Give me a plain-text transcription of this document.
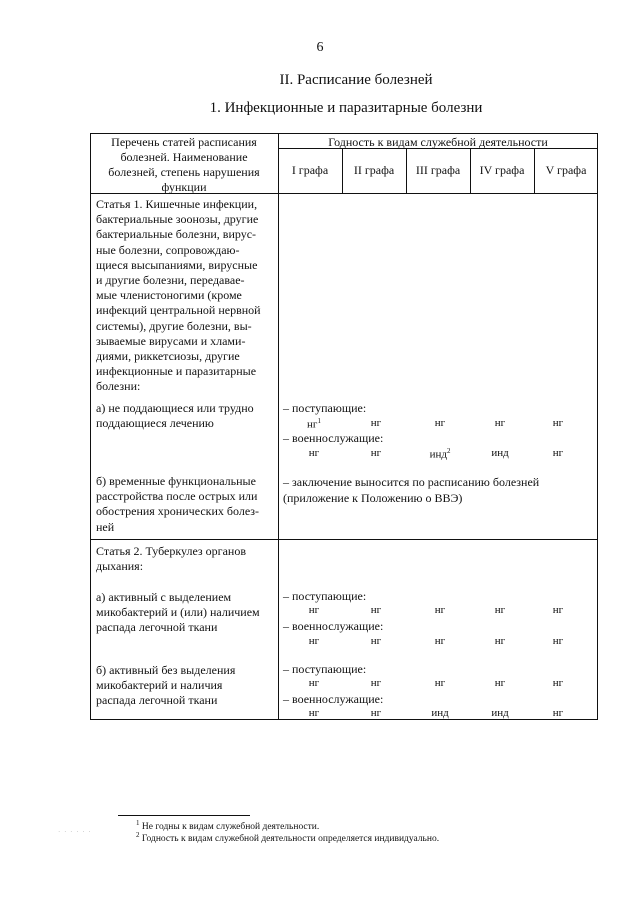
6
II. Расписание болезней
1. Инфекционные и паразитарные болезни
Перечень статей расписания
болезней. Наименование
болезней, степень нарушения
функции
Годность к видам служебной деятельности
I графа	II графа	III графа	IV графа	V графа
Статья 1. Кишечные инфекции,
бактериальные зоонозы, другие
бактериальные болезни, вирус-
ные болезни, сопровождаю-
щиеся высыпаниями, вирусные
и другие болезни, передавае-
мые членистоногими (кроме
инфекций центральной нервной
системы), другие болезни, вы-
зываемые вирусами и хлами-
диями, риккетсиозы, другие
инфекционные и паразитарные
болезни:
а) не поддающиеся или трудно
поддающиеся лечению
– поступающие:
$нг^1$	нг	нг	нг	нг
– военнослужащие:
нг	нг	инд$^2$	инд	нг
б) временные функциональные
расстройства после острых или
обострения хронических болез-
ней
– заключение выносится по расписанию болезней
(приложение к Положению о ВВЭ)
Статья 2. Туберкулез органов
дыхания:
а) активный с выделением
микобактерий и (или) наличием
распада легочной ткани
– поступающие:
нг	нг	нг	нг	нг
– военнослужащие:
нг	нг	нг	нг	нг
б) активный без выделения
микобактерий и наличия
распада легочной ткани
– поступающие:
нг	нг	нг	нг	нг
– военнослужащие:
нг	нг	инд	инд	нг
· · · · · ·
$^1$ Не годны к видам служебной деятельности.
$^2$ Годность к видам служебной деятельности определяется индивидуально.
